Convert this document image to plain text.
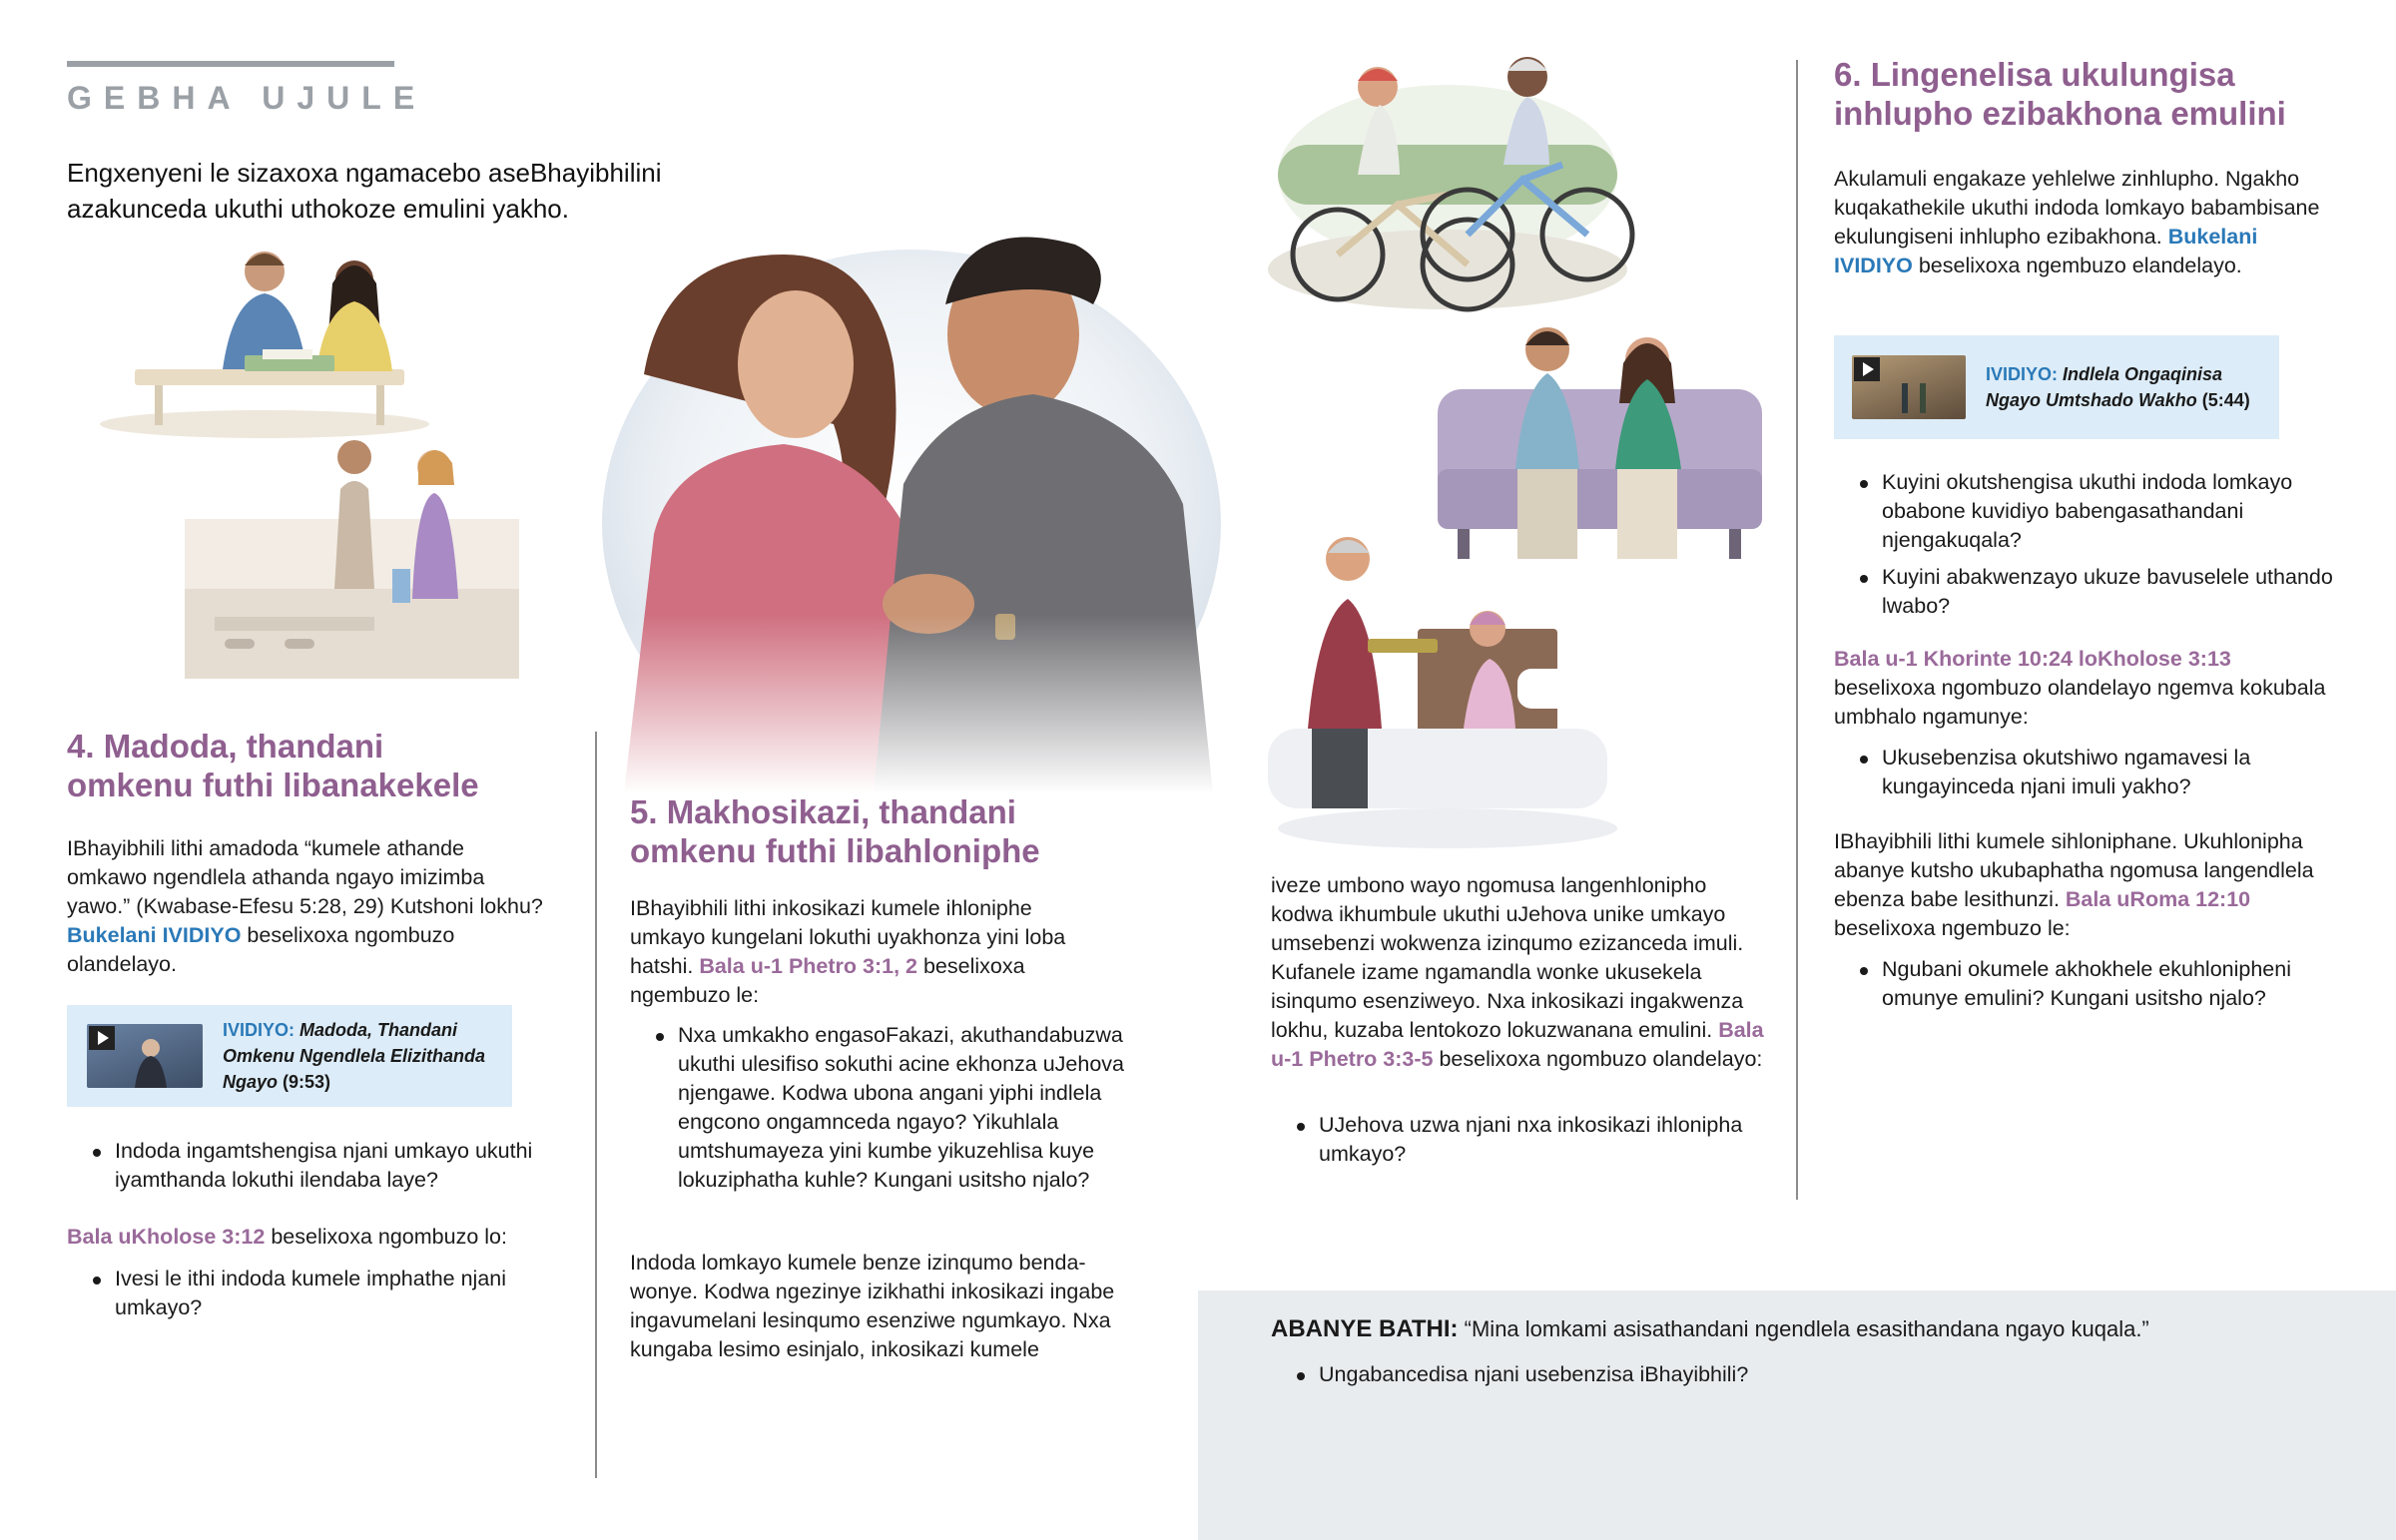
GEBHA UJULE
Engxenyeni le sizaxoxa ngamacebo aseBhayibhilini azakunceda ukuthi uthokoze emulini yakho.
4. Madoda, thandani omkenu futhi libanakekele
IBhayibhili lithi amadoda “kumele athande omkawo ngendlela athanda ngayo imizimba yawo.” (Kwabase-Efesu 5:28, 29) Kutshoni lokhu? Bukelani IVIDIYO beselixoxa ngombuzo olandelayo.
IVIDIYO: Madoda, Thandani Omkenu Ngendlela Elizithanda Ngayo (9:53)
Indoda ingamtshengisa njani umkayo ukuthi iyamthanda lokuthi ilendaba laye?
Bala uKholose 3:12 beselixoxa ngombuzo lo:
Ivesi le ithi indoda kumele imphathe njani umkayo?
5. Makhosikazi, thandani omkenu futhi libahloniphe
IBhayibhili lithi inkosikazi kumele ihloniphe umkayo kungelani lokuthi uyakhonza yini loba hatshi. Bala u-1 Phetro 3:1, 2 beselixoxa ngembuzo le:
Nxa umkakho engasoFakazi, akuthandabuzwa ukuthi ulesifiso sokuthi acine ekhonza uJehova njengawe. Kodwa ubona angani yiphi indlela engcono ongamnceda ngayo? Yikuhlala umtshumayeza yini kumbe yikuzehlisa kuye lokuziphatha kuhle? Kungani usitsho njalo?
Indoda lomkayo kumele benze izinqumo bendawonye. Kodwa ngezinye izikhathi inkosikazi ingabe ingavumelani lesinqumo esenziwe ngumkayo. Nxa kungaba lesimo esinjalo, inkosikazi kumele
iveze umbono wayo ngomusa langenhlonipho kodwa ikhumbule ukuthi uJehova unike umkayo umsebenzi wokwenza izinqumo ezizanceda imuli. Kufanele izame ngamandla wonke ukusekela isinqumo esenziweyo. Nxa inkosikazi ingakwenza lokhu, kuzaba lentokozo lokuzwanana emulini. Bala u-1 Phetro 3:3-5 beselixoxa ngombuzo olandelayo:
UJehova uzwa njani nxa inkosikazi ihlonipha umkayo?
6. Lingenelisa ukulungisa inhlupho ezibakhona emulini
Akulamuli engakaze yehlelwe zinhlupho. Ngakho kuqakathekile ukuthi indoda lomkayo babambisane ekulungiseni inhlupho ezibakhona. Bukelani IVIDIYO beselixoxa ngembuzo elandelayo.
IVIDIYO: Indlela Ongaqinisa Ngayo Umtshado Wakho (5:44)
Kuyini okutshengisa ukuthi indoda lomkayo obabone kuvidiyo babengasathandani njengakuqala?
Kuyini abakwenzayo ukuze bavuselele uthando lwabo?
Bala u-1 Khorinte 10:24 loKholose 3:13
beselixoxa ngombuzo olandelayo ngemva kokubala umbhalo ngamunye:
Ukusebenzisa okutshiwo ngamavesi la kungayinceda njani imuli yakho?
IBhayibhili lithi kumele sihloniphane. Ukuhlonipha abanye kutsho ukubaphatha ngomusa langendlela ebenza babe lesithunzi. Bala uRoma 12:10 beselixoxa ngembuzo le:
Ngubani okumele akhokhele ekuhlonipheni omunye emulini? Kungani usitsho njalo?
ABANYE BATHI: “Mina lomkami asisathandani ngendlela esasithandana ngayo kuqala.”
Ungabancedisa njani usebenzisa iBhayibhili?
